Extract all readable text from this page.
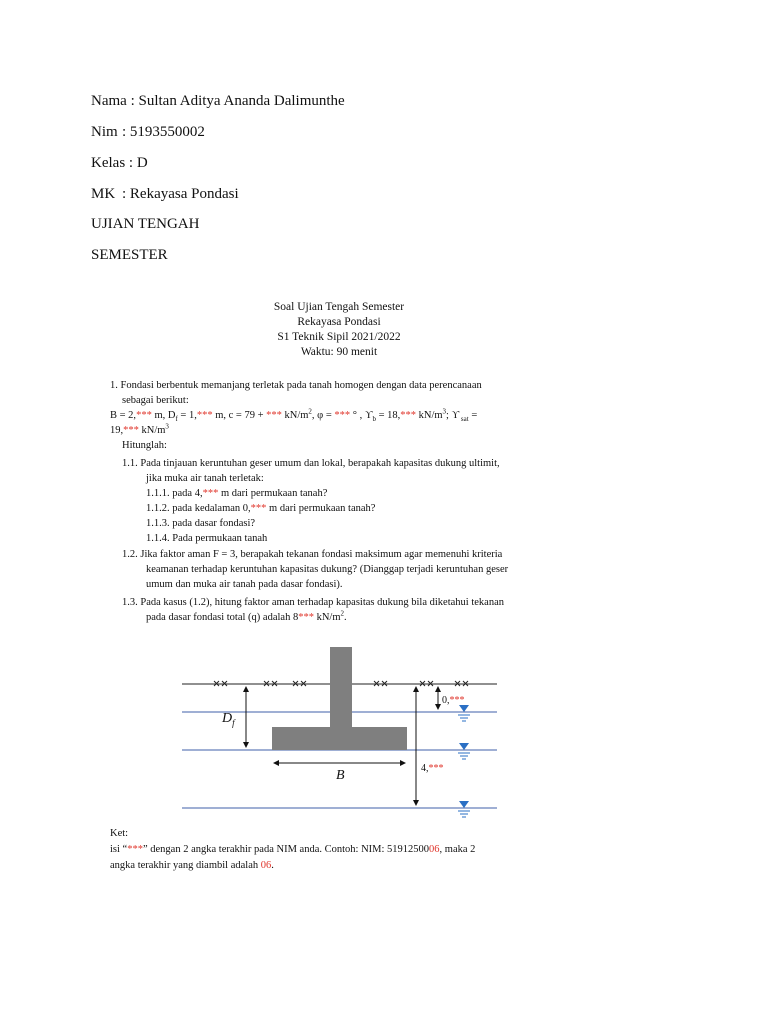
Nama : Sultan Aditya Ananda Dalimunthe
Nim : 5193550002
Kelas : D
MK : Rekayasa Pondasi
UJIAN TENGAH
SEMESTER
Soal Ujian Tengah Semester
Rekayasa Pondasi
S1 Teknik Sipil 2021/2022
Waktu: 90 menit
1. Fondasi berbentuk memanjang terletak pada tanah homogen dengan data perencanaan
sebagai berikut:
B = 2,*** m, $D_f = 1,***$ m, c = 79 + *** $kN/m^2$, φ = *** ° , $ϒ_b = 18,***$ $kN/m^3$; ϒ $_{sat}$ =
19,*** $kN/m^3$
Hitunglah:
1.1. Pada tinjauan keruntuhan geser umum dan lokal, berapakah kapasitas dukung ultimit,
jika muka air tanah terletak:
1.1.1. pada 4,*** m dari permukaan tanah?
1.1.2. pada kedalaman 0,*** m dari permukaan tanah?
1.1.3. pada dasar fondasi?
1.1.4. Pada permukaan tanah
1.2. Jika faktor aman F = 3, berapakah tekanan fondasi maksimum agar memenuhi kriteria
keamanan terhadap keruntuhan kapasitas dukung? (Dianggap terjadi keruntuhan geser
umum dan muka air tanah pada dasar fondasi).
1.3. Pada kasus (1.2), hitung faktor aman terhadap kapasitas dukung bila diketahui tekanan
pada dasar fondasi total (q) adalah 8*** $kN/m^2$.
$D_f$
B
0,***
4,***
Ket:
isi “***” dengan 2 angka terakhir pada NIM anda. Contoh: NIM: 5191250006, maka 2
angka terakhir yang diambil adalah 06.
